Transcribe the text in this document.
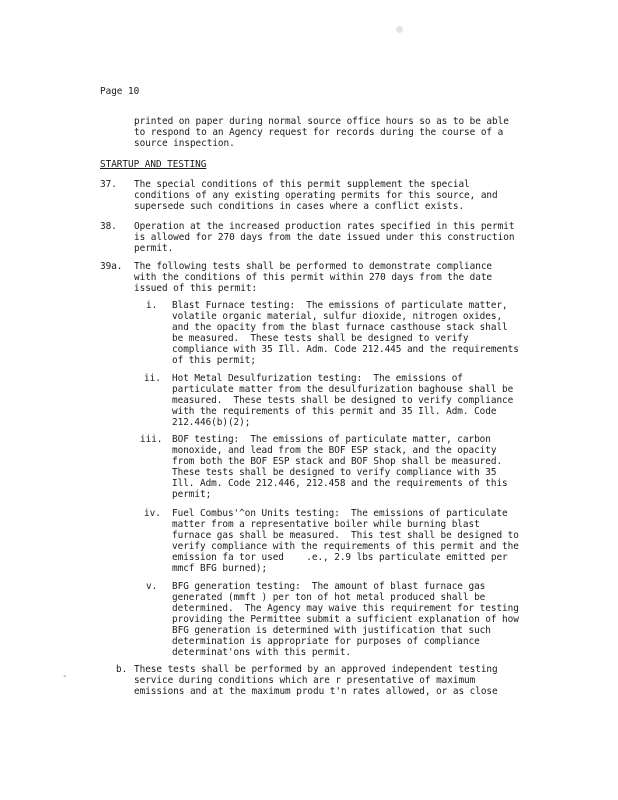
Page 10
printed on paper during normal source office hours so as to be able
to respond to an Agency request for records during the course of a
source inspection.
STARTUP AND TESTING
37. The special conditions of this permit supplement the special
conditions of any existing operating permits for this source, and
supersede such conditions in cases where a conflict exists.
38. Operation at the increased production rates specified in this permit
is allowed for 270 days from the date issued under this construction
permit.
39a. The following tests shall be performed to demonstrate compliance
with the conditions of this permit within 270 days from the date
issued of this permit:
i. Blast Furnace testing:  The emissions of particulate matter,
volatile organic material, sulfur dioxide, nitrogen oxides,
and the opacity from the blast furnace casthouse stack shall
be measured.  These tests shall be designed to verify
compliance with 35 Ill. Adm. Code 212.445 and the requirements
of this permit;
ii. Hot Metal Desulfurization testing:  The emissions of
particulate matter from the desulfurization baghouse shall be
measured.  These tests shall be designed to verify compliance
with the requirements of this permit and 35 Ill. Adm. Code
212.446(b)(2);
iii. BOF testing:  The emissions of particulate matter, carbon
monoxide, and lead from the BOF ESP stack, and the opacity
from both the BOF ESP stack and BOF Shop shall be measured.
These tests shall be designed to verify compliance with 35
Ill. Adm. Code 212.446, 212.458 and the requirements of this
permit;
iv. Fuel Combus'^on Units testing:  The emissions of particulate
matter from a representative boiler while burning blast
furnace gas shall be measured.  This test shall be designed to
verify compliance with the requirements of this permit and the
emission fa tor used    .e., 2.9 lbs particulate emitted per
mmcf BFG burned);
v. BFG generation testing:  The amount of blast furnace gas
generated (mmft ) per ton of hot metal produced shall be
determined.  The Agency may waive this requirement for testing
providing the Permittee submit a sufficient explanation of how
BFG generation is determined with justification that such
determination is appropriate for purposes of compliance
determinat'ons with this permit.
-
b. These tests shall be performed by an approved independent testing
service during conditions which are r presentative of maximum
emissions and at the maximum produ t'n rates allowed, or as close
